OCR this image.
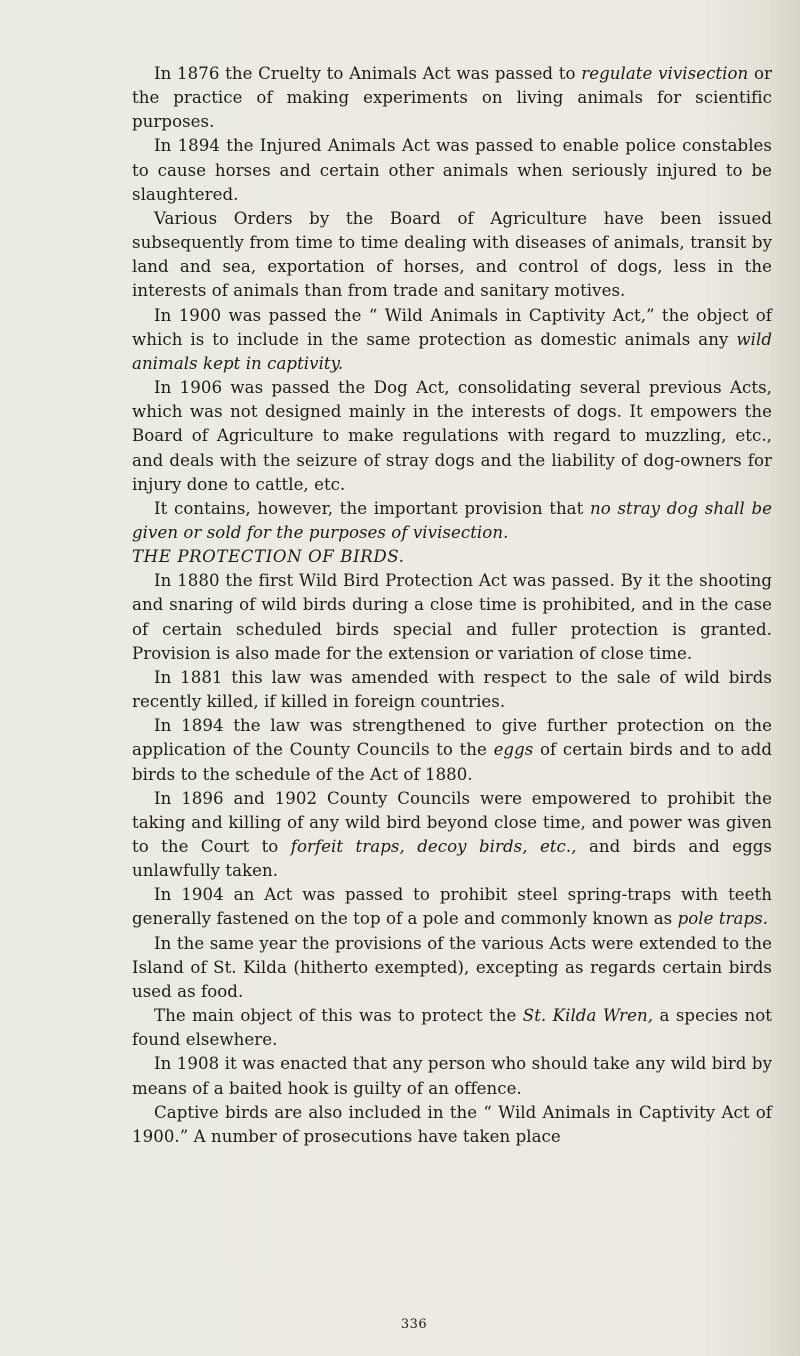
In 1876 the Cruelty to Animals Act was passed to regulate vivisection or the practice of making experiments on living animals for scientific purposes.

In 1894 the Injured Animals Act was passed to enable police constables to cause horses and certain other animals when seriously injured to be slaughtered.

Various Orders by the Board of Agriculture have been issued subsequently from time to time dealing with diseases of animals, transit by land and sea, exportation of horses, and control of dogs, less in the interests of animals than from trade and sanitary motives.

In 1900 was passed the “ Wild Animals in Captivity Act,” the object of which is to include in the same protection as domestic animals any wild animals kept in captivity.

In 1906 was passed the Dog Act, consolidating several previous Acts, which was not designed mainly in the interests of dogs. It empowers the Board of Agriculture to make regulations with regard to muzzling, etc., and deals with the seizure of stray dogs and the liability of dog-owners for injury done to cattle, etc.

It contains, however, the important provision that no stray dog shall be given or sold for the purposes of vivisection.

THE PROTECTION OF BIRDS.

In 1880 the first Wild Bird Protection Act was passed. By it the shooting and snaring of wild birds during a close time is prohibited, and in the case of certain scheduled birds special and fuller protection is granted. Provision is also made for the extension or variation of close time.

In 1881 this law was amended with respect to the sale of wild birds recently killed, if killed in foreign countries.

In 1894 the law was strengthened to give further protection on the application of the County Councils to the eggs of certain birds and to add birds to the schedule of the Act of 1880.

In 1896 and 1902 County Councils were empowered to prohibit the taking and killing of any wild bird beyond close time, and power was given to the Court to forfeit traps, decoy birds, etc., and birds and eggs unlawfully taken.

In 1904 an Act was passed to prohibit steel spring-traps with teeth generally fastened on the top of a pole and commonly known as pole traps.

In the same year the provisions of the various Acts were extended to the Island of St. Kilda (hitherto exempted), excepting as regards certain birds used as food.

The main object of this was to protect the St. Kilda Wren, a species not found elsewhere.

In 1908 it was enacted that any person who should take any wild bird by means of a baited hook is guilty of an offence.

Captive birds are also included in the “ Wild Animals in Captivity Act of 1900.” A number of prosecutions have taken place

336
